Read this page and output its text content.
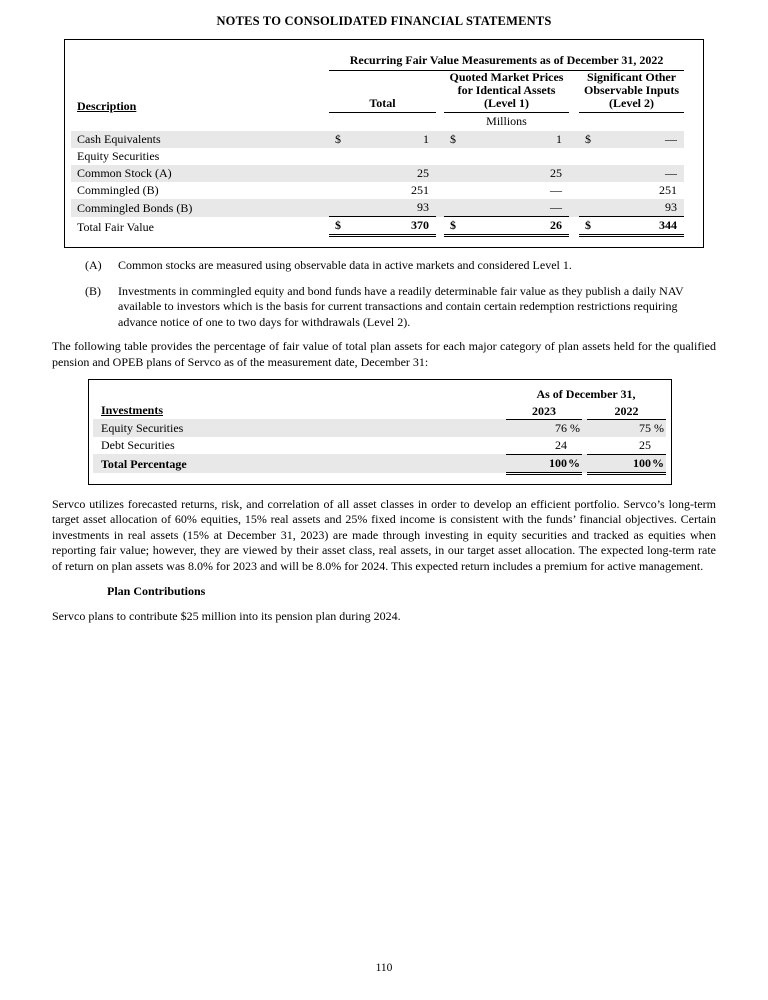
NOTES TO CONSOLIDATED FINANCIAL STATEMENTS
	Recurring Fair Value Measurements as of December 31, 2022				
Description	Total		
Quoted Market Prices for Identical Assets
(Level 1)

Significant Other Observable Inputs
(Level 2)

	Millions				
Cash Equivalents	$ 1		$ 1		$ —
Equity Securities	

Common Stock (A)	25		25		—
Commingled (B)	251		—		251
Commingled Bonds (B)	93		—		93
Total Fair Value	$ 370		$ 26		$ 344
(A)	Common stocks are measured using observable data in active markets and considered Level 1.
(B)	Investments in commingled equity and bond funds have a readily determinable fair value as they publish a daily NAV available to investors which is the basis for current transactions and contain certain redemption restrictions requiring advance notice of one to two days for withdrawals (Level 2).
The following table provides the percentage of fair value of total plan assets for each major category of plan assets held for the qualified pension and OPEB plans of Servco as of the measurement date, December 31:
	As of December 31,		
Investments	2023		2022
Equity Securities	76 %		75 %
Debt Securities	24		25
Total Percentage	100%		100%
Servco utilizes forecasted returns, risk, and correlation of all asset classes in order to develop an efficient portfolio. Servco’s long-term target asset allocation of 60% equities, 15% real assets and 25% fixed income is consistent with the funds’ financial objectives. Certain investments in real assets (15% at December 31, 2023) are made through investing in equity securities and tracked as equities when reporting fair value; however, they are viewed by their asset class, real assets, in our target asset allocation. The expected long-term rate of return on plan assets was 8.0% for 2023 and will be 8.0% for 2024. This expected return includes a premium for active management.
Plan Contributions
Servco plans to contribute $25 million into its pension plan during 2024.
110
